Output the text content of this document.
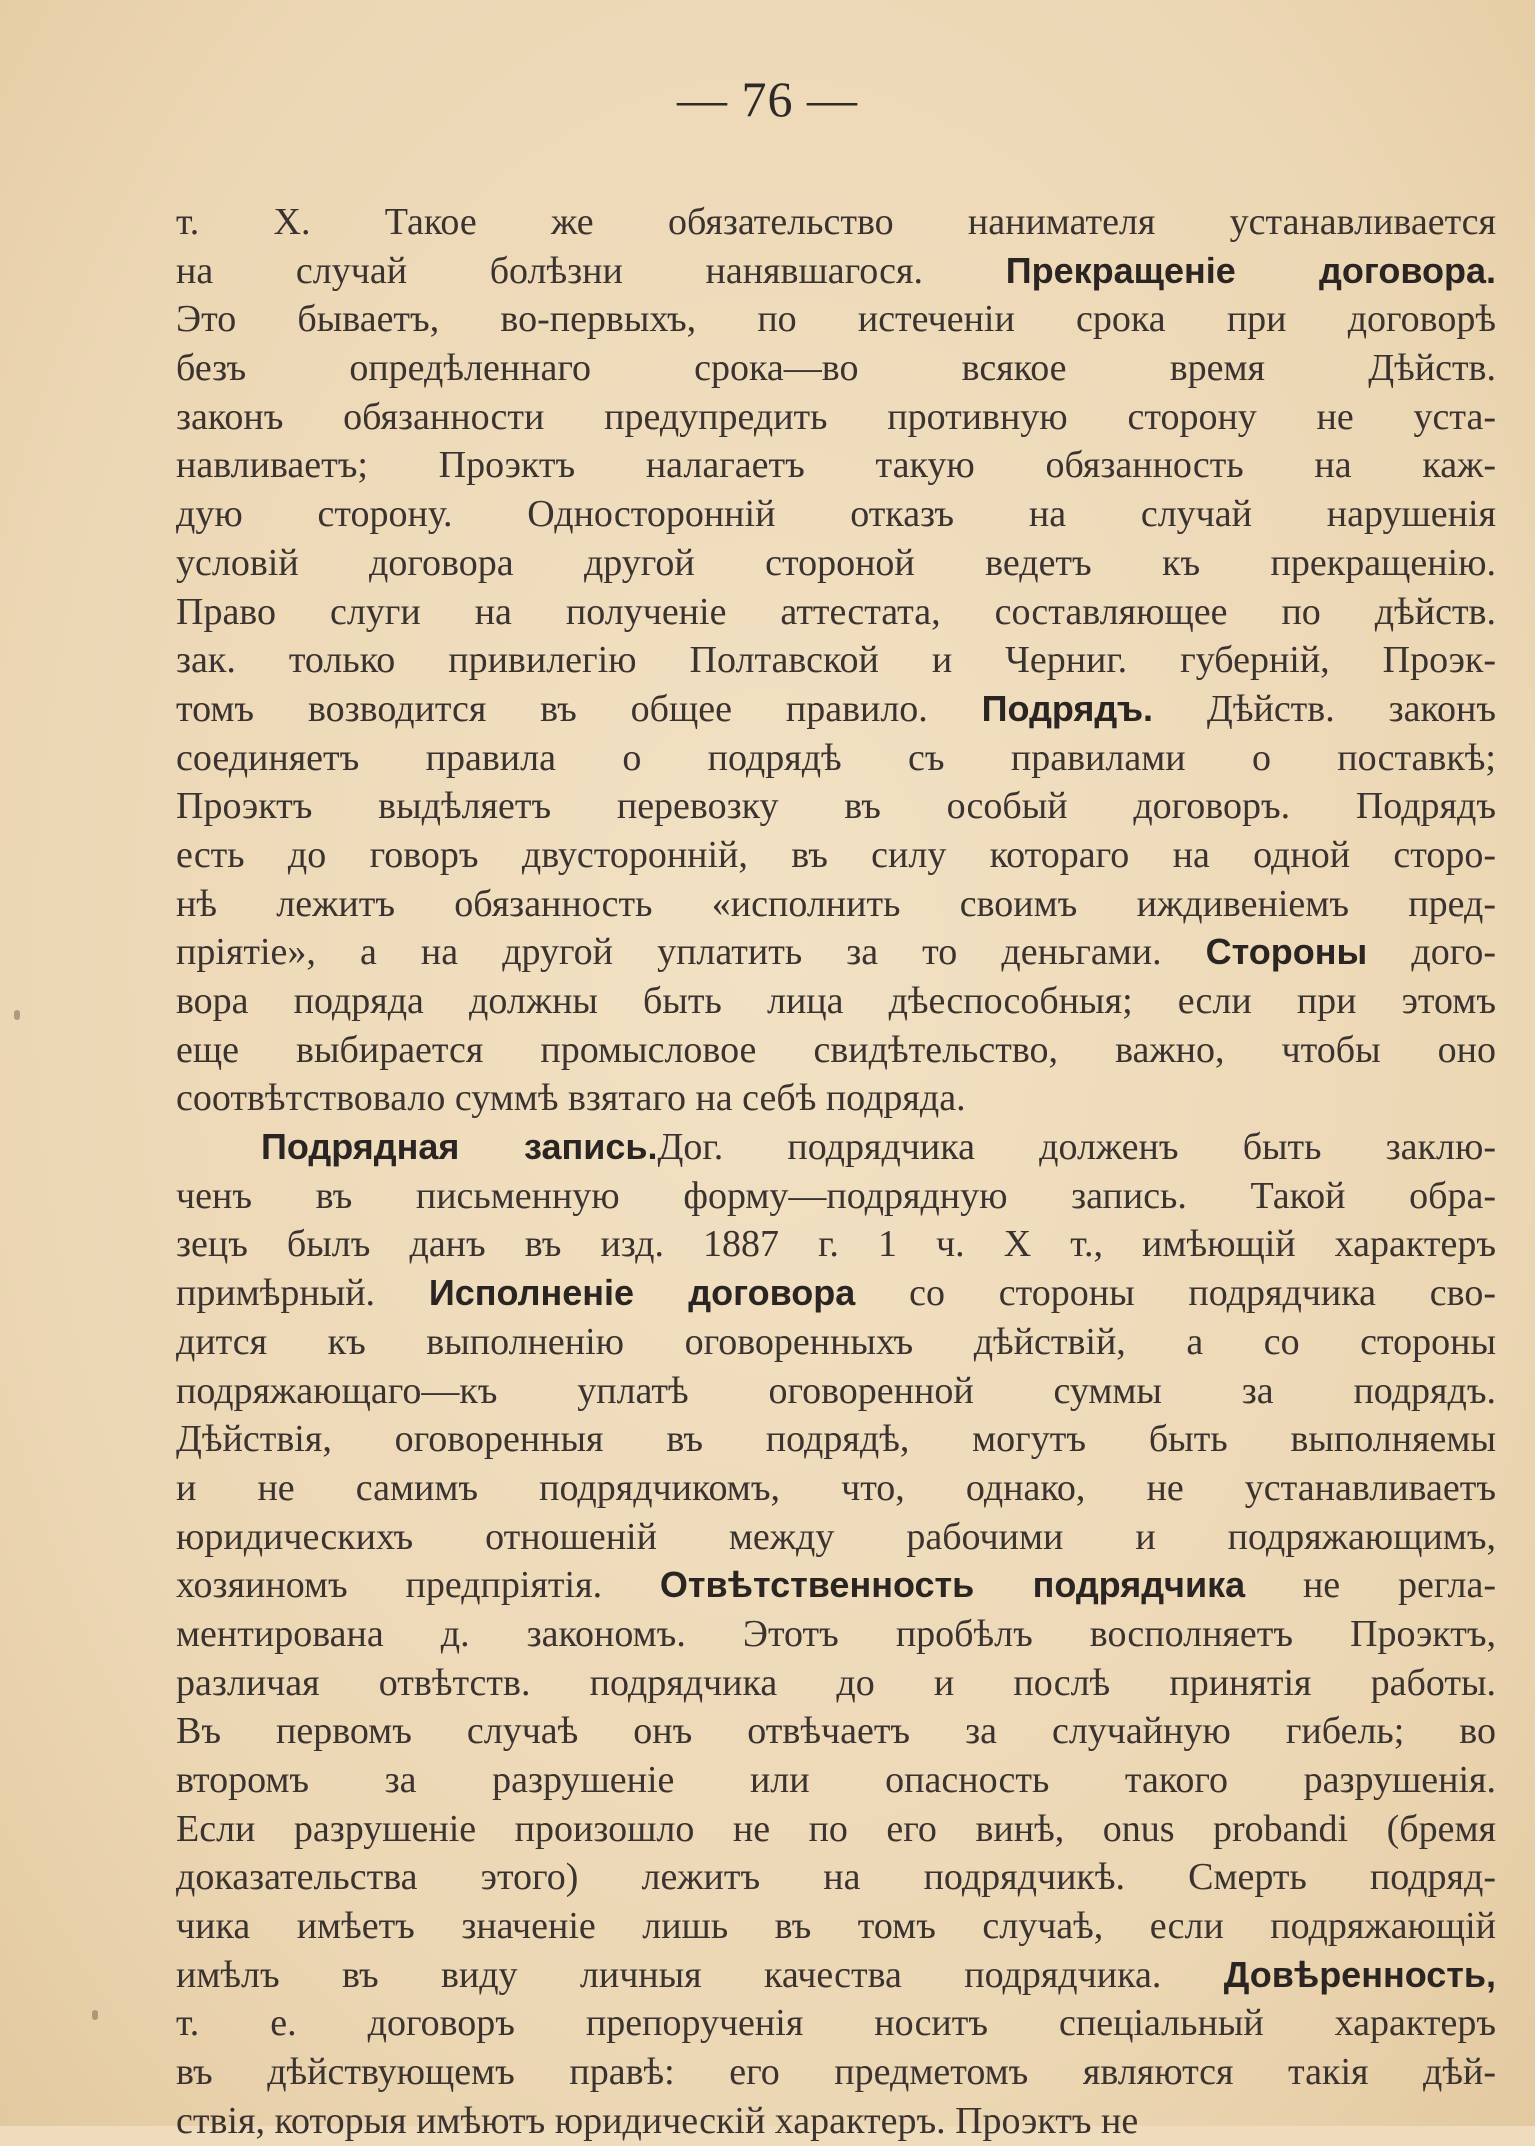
— 76 —
т. X. Такое же обязательство нанимателя устанавливается
на случай болѣзни нанявшагося. Прекращеніе договора.
Это бываетъ, во-первыхъ, по истеченіи срока при договорѣ
безъ опредѣленнаго срока—во всякое время Дѣйств.
законъ обязанности предупредить противную сторону не уста-
навливаетъ; Проэктъ налагаетъ такую обязанность на каж-
дую сторону. Односторонній отказъ на случай нарушенія
условій договора другой стороной ведетъ къ прекращенію.
Право слуги на полученіе аттестата, составляющее по дѣйств.
зак. только привилегію Полтавской и Черниг. губерній, Проэк-
томъ возводится въ общее правило. Подрядъ. Дѣйств. законъ
соединяетъ правила о подрядѣ съ правилами о поставкѣ;
Проэктъ выдѣляетъ перевозку въ особый договоръ. Подрядъ
есть до говоръ двусторонній, въ силу котораго на одной сторо-
нѣ лежитъ обязанность «исполнить своимъ иждивеніемъ пред-
пріятіе», а на другой уплатить за то деньгами. Стороны дого-
вора подряда должны быть лица дѣеспособныя; если при этомъ
еще выбирается промысловое свидѣтельство, важно, чтобы оно
соотвѣтствовало суммѣ взятаго на себѣ подряда.
Подрядная запись.Дог. подрядчика долженъ быть заклю-
ченъ въ письменную форму—подрядную запись. Такой обра-
зецъ былъ данъ въ изд. 1887 г. 1 ч. X т., имѣющій характеръ
примѣрный. Исполненіе договора со стороны подрядчика сво-
дится къ выполненію оговоренныхъ дѣйствій, а со стороны
подряжающаго—къ уплатѣ оговоренной суммы за подрядъ.
Дѣйствія, оговоренныя въ подрядѣ, могутъ быть выполняемы
и не самимъ подрядчикомъ, что, однако, не устанавливаетъ
юридическихъ отношеній между рабочими и подряжающимъ,
хозяиномъ предпріятія. Отвѣтственность подрядчика не регла-
ментирована д. закономъ. Этотъ пробѣлъ восполняетъ Проэктъ,
различая отвѣтств. подрядчика до и послѣ принятія работы.
Въ первомъ случаѣ онъ отвѣчаетъ за случайную гибель; во
второмъ за разрушеніе или опасность такого разрушенія.
Если разрушеніе произошло не по его винѣ, onus probandi (бремя
доказательства этого) лежитъ на подрядчикѣ. Смерть подряд-
чика имѣетъ значеніе лишь въ томъ случаѣ, если подряжающій
имѣлъ въ виду личныя качества подрядчика. Довѣренность,
т. е. договоръ препорученія носитъ спеціальный характеръ
въ дѣйствующемъ правѣ: его предметомъ являются такія дѣй-
ствія, которыя имѣютъ юридическій характеръ. Проэктъ не
